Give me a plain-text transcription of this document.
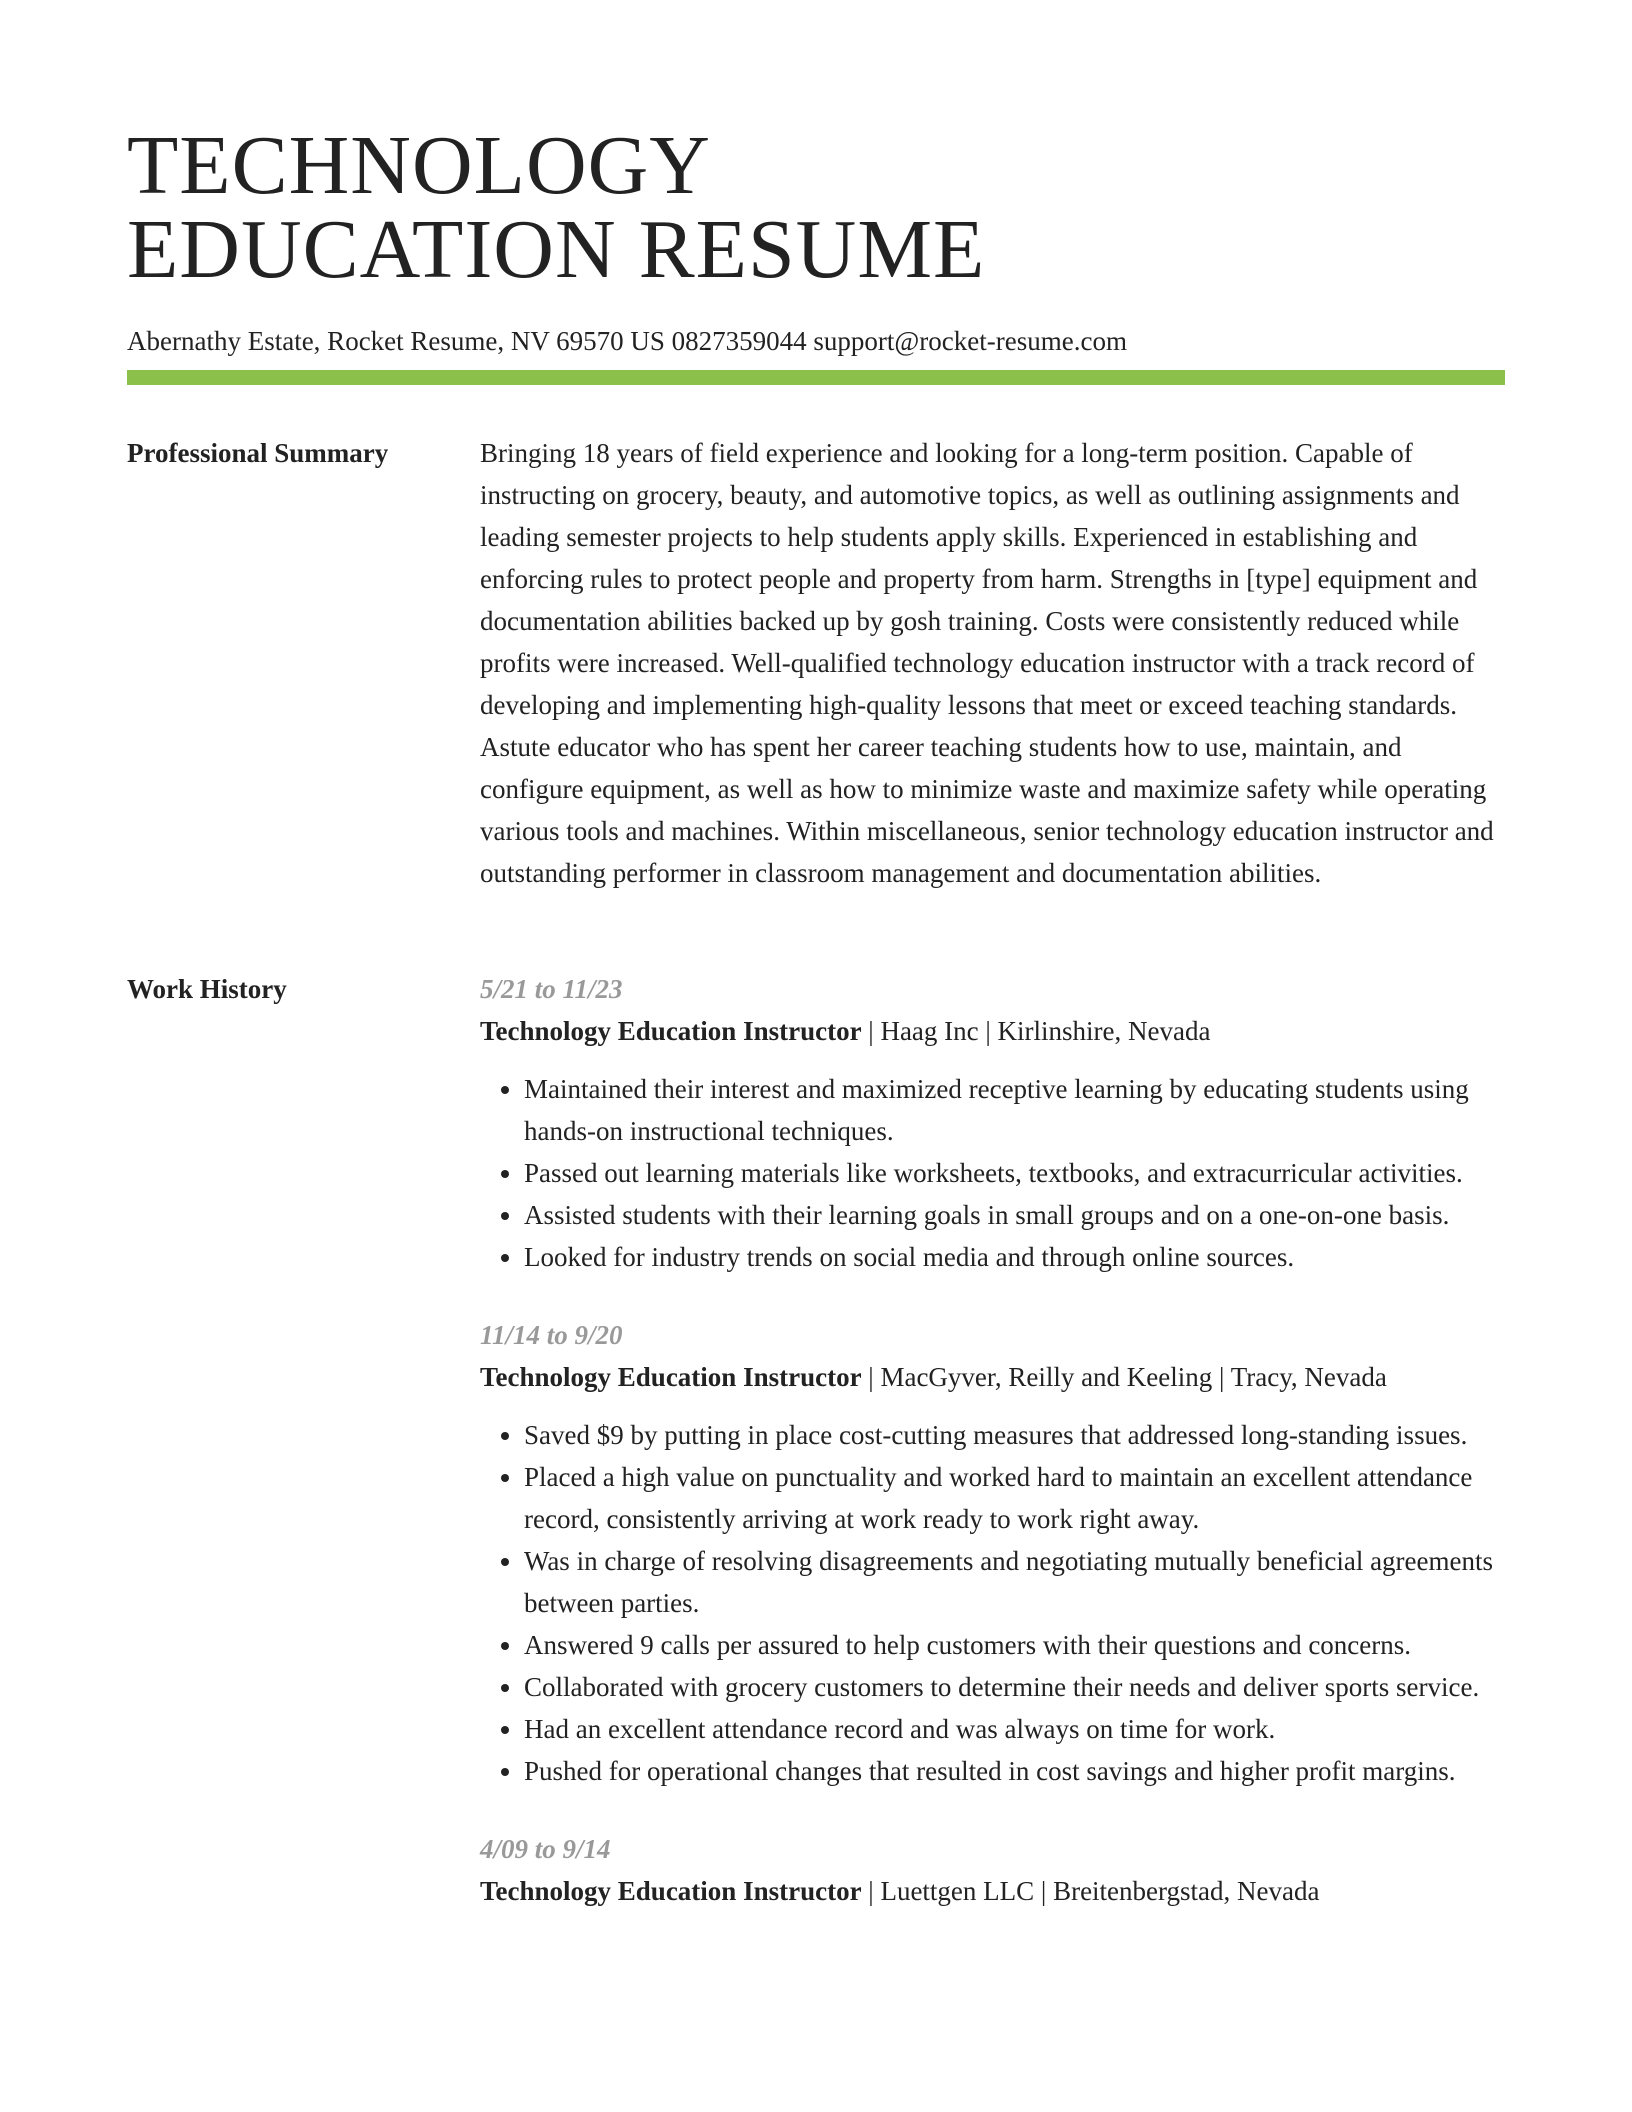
TECHNOLOGY
EDUCATION RESUME
Abernathy Estate, Rocket Resume, NV 69570 US 0827359044 support@rocket-resume.com
Professional Summary	Bringing 18 years of field experience and looking for a long-term position. Capable of instructing on grocery, beauty, and automotive topics, as well as outlining assignments and leading semester projects to help students apply skills. Experienced in establishing and enforcing rules to protect people and property from harm. Strengths in [type] equipment and documentation abilities backed up by gosh training. Costs were consistently reduced while profits were increased. Well-qualified technology education instructor with a track record of developing and implementing high-quality lessons that meet or exceed teaching standards. Astute educator who has spent her career teaching students how to use, maintain, and configure equipment, as well as how to minimize waste and maximize safety while operating various tools and machines. Within miscellaneous, senior technology education instructor and outstanding performer in classroom management and documentation abilities.

Work History	5/21 to 11/23
Technology Education Instructor | Haag Inc | Kirlinshire, Nevada
• Maintained their interest and maximized receptive learning by educating students using hands-on instructional techniques.
• Passed out learning materials like worksheets, textbooks, and extracurricular activities.
• Assisted students with their learning goals in small groups and on a one-on-one basis.
• Looked for industry trends on social media and through online sources.
11/14 to 9/20
Technology Education Instructor | MacGyver, Reilly and Keeling | Tracy, Nevada
• Saved $9 by putting in place cost-cutting measures that addressed long-standing issues.
• Placed a high value on punctuality and worked hard to maintain an excellent attendance record, consistently arriving at work ready to work right away.
• Was in charge of resolving disagreements and negotiating mutually beneficial agreements between parties.
• Answered 9 calls per assured to help customers with their questions and concerns.
• Collaborated with grocery customers to determine their needs and deliver sports service.
• Had an excellent attendance record and was always on time for work.
• Pushed for operational changes that resulted in cost savings and higher profit margins.
4/09 to 9/14
Technology Education Instructor | Luettgen LLC | Breitenbergstad, Nevada
